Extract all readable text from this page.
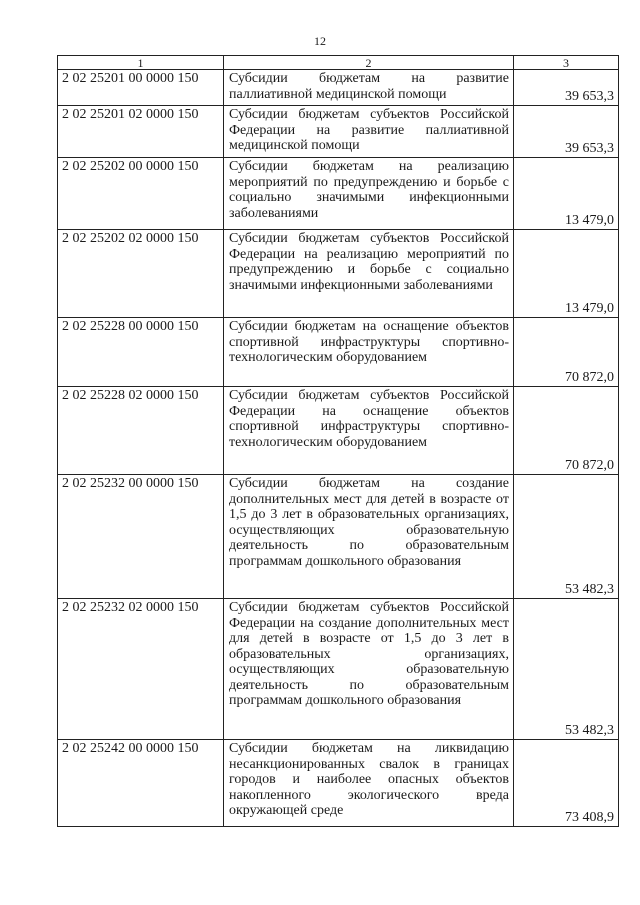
12
1	2	3
2 02 25201 00 0000 150	Субсидии бюджетам на развитие паллиативной медицинской помощи	39 653,3
2 02 25201 02 0000 150	Субсидии бюджетам субъектов Российской Федерации на развитие паллиативной медицинской помощи	39 653,3
2 02 25202 00 0000 150	Субсидии бюджетам на реализацию мероприятий по предупреждению и борьбе с социально значимыми инфекционными заболеваниями	13 479,0
2 02 25202 02 0000 150	Субсидии бюджетам субъектов Российской Федерации на реализацию мероприятий по предупреждению и борьбе с социально значимыми инфекционными заболеваниями	13 479,0
2 02 25228 00 0000 150	Субсидии бюджетам на оснащение объектов спортивной инфраструктуры спортивно-технологическим оборудованием	70 872,0
2 02 25228 02 0000 150	Субсидии бюджетам субъектов Российской Федерации на оснащение объектов спортивной инфраструктуры спортивно-технологическим оборудованием	70 872,0
2 02 25232 00 0000 150	Субсидии бюджетам на создание дополнительных мест для детей в возрасте от 1,5 до 3 лет в образовательных организациях, осуществляющих образовательную деятельность по образовательным программам дошкольного образования	53 482,3
2 02 25232 02 0000 150	Субсидии бюджетам субъектов Российской Федерации на создание дополнительных мест для детей в возрасте от 1,5 до 3 лет в образовательных организациях, осуществляющих образовательную деятельность по образовательным программам дошкольного образования	53 482,3
2 02 25242 00 0000 150	Субсидии бюджетам на ликвидацию несанкционированных свалок в границах городов и наиболее опасных объектов накопленного экологического вреда окружающей среде	73 408,9
